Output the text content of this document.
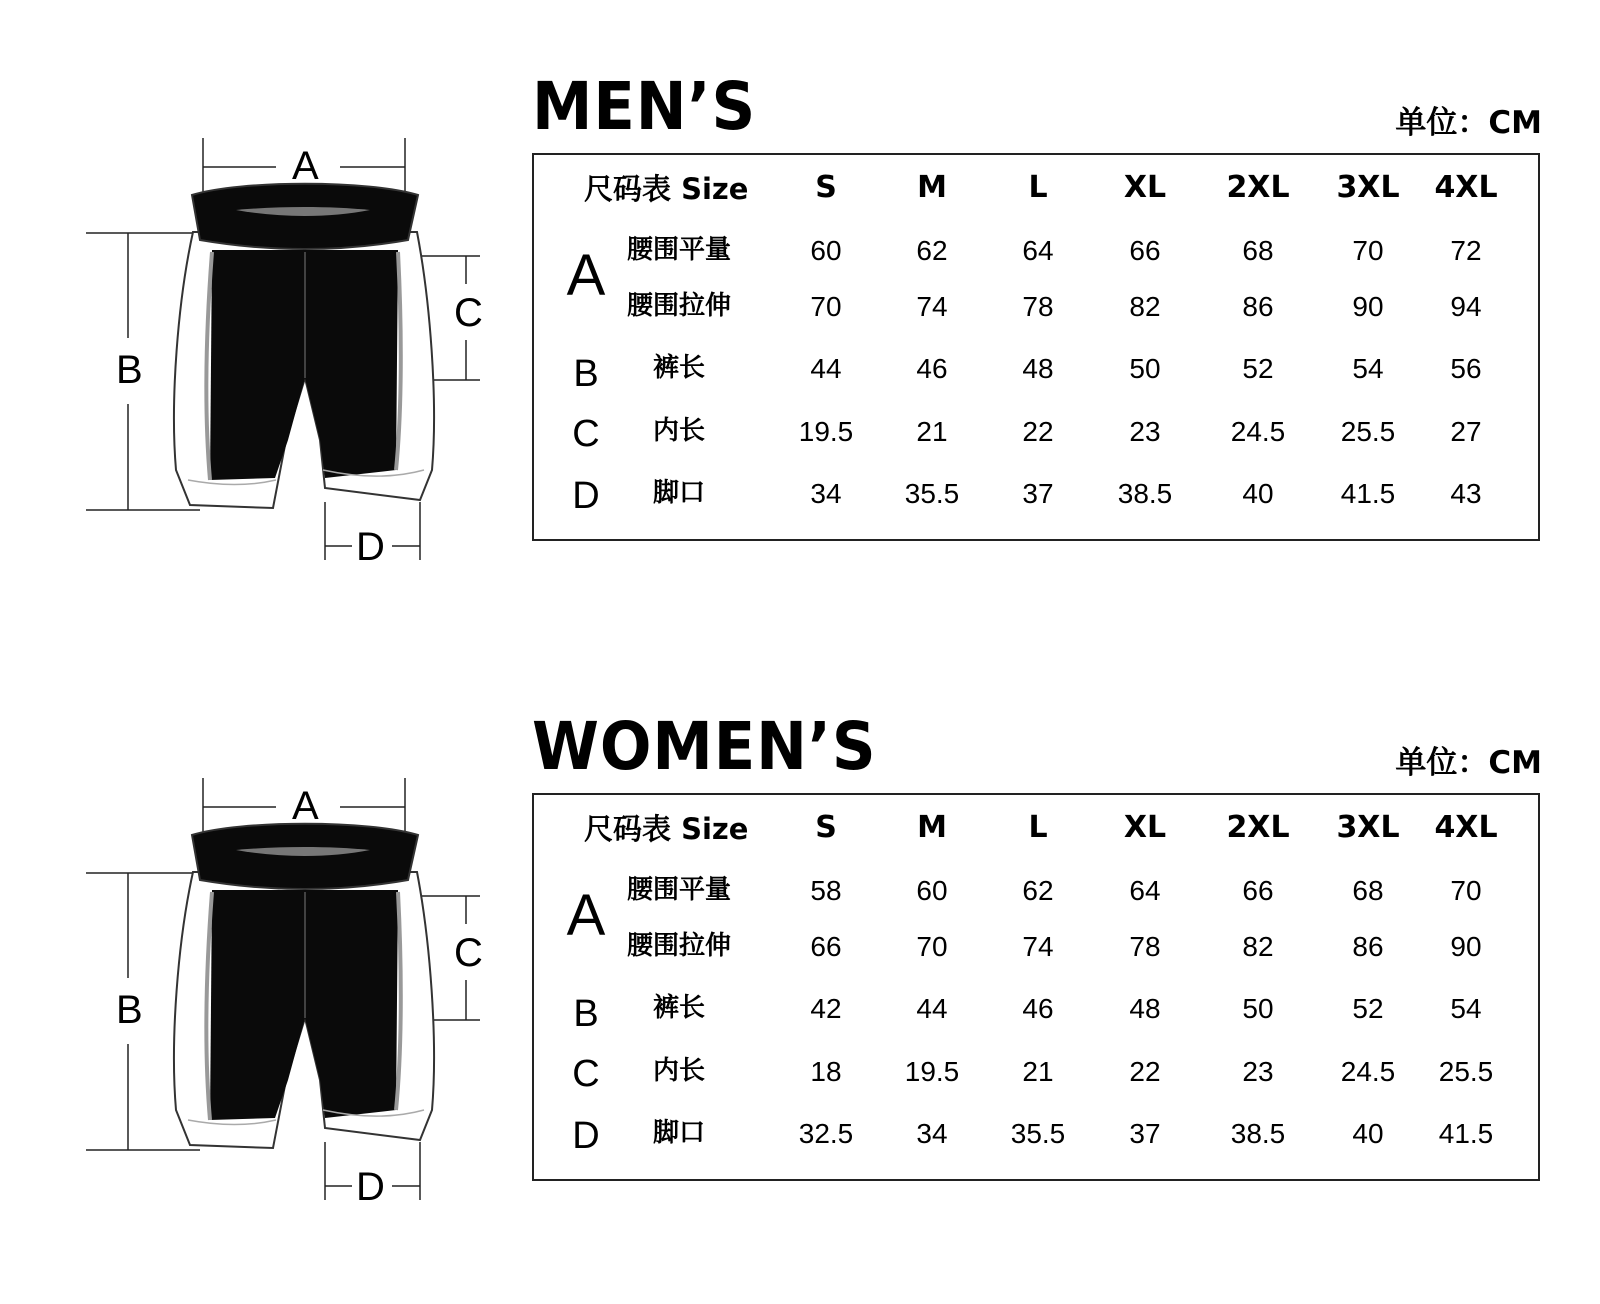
A
B
C
D
MEN’S	单位：CM
尺码表 Size	S	M	L	XL	2XL	3XL	4XL
A 腰围平量	60	62	64	66	68	70	72
腰围拉伸	70	74	78	82	86	90	94
B	裤长	44	46	48	50	52	54	56
C	内长	19.5	21	22	23	24.5	25.5	27
D	脚口	34	35.5	37	38.5	40	41.5	43
A
B
C
D
WOMEN’S	单位：CM
尺码表 Size	S	M	L	XL	2XL	3XL	4XL
A 腰围平量	58	60	62	64	66	68	70
腰围拉伸	66	70	74	78	82	86	90
B	裤长	42	44	46	48	50	52	54
C	内长	18	19.5	21	22	23	24.5	25.5
D	脚口	32.5	34	35.5	37	38.5	40	41.5
